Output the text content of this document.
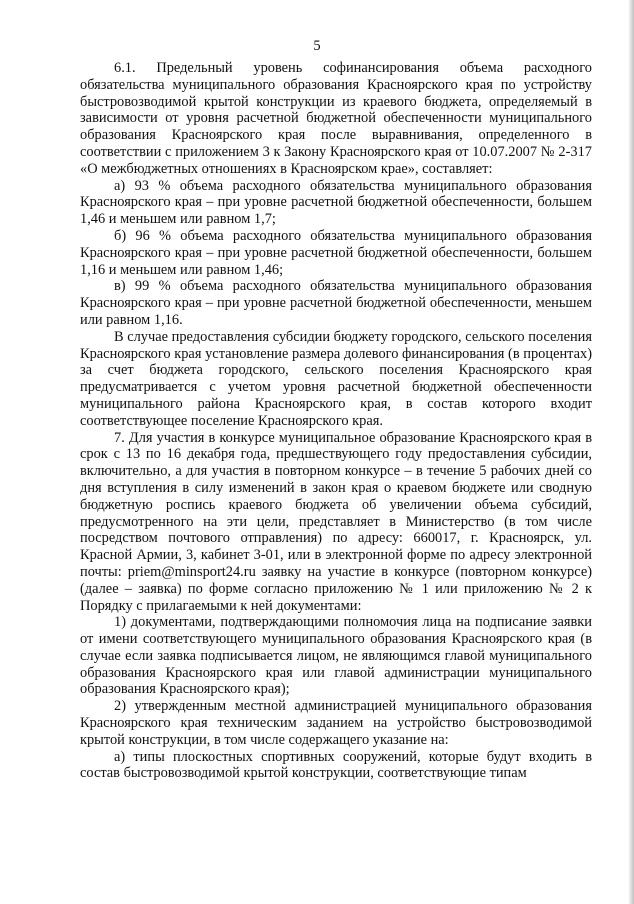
5

6.1. Предельный уровень софинансирования объема расходного обязательства муниципального образования Красноярского края по устройству быстровозводимой крытой конструкции из краевого бюджета, определяемый в зависимости от уровня расчетной бюджетной обеспеченности муниципального образования Красноярского края после выравнивания, определенного в соответствии с приложением 3 к Закону Красноярского края от 10.07.2007 № 2-317 «О межбюджетных отношениях в Красноярском крае», составляет:

а) 93 % объема расходного обязательства муниципального образования Красноярского края – при уровне расчетной бюджетной обеспеченности, большем 1,46 и меньшем или равном 1,7;

б) 96 % объема расходного обязательства муниципального образования Красноярского края – при уровне расчетной бюджетной обеспеченности, большем 1,16 и меньшем или равном 1,46;

в) 99 % объема расходного обязательства муниципального образования Красноярского края – при уровне расчетной бюджетной обеспеченности, меньшем или равном 1,16.

В случае предоставления субсидии бюджету городского, сельского поселения Красноярского края установление размера долевого финансирования (в процентах) за счет бюджета городского, сельского поселения Красноярского края предусматривается с учетом уровня расчетной бюджетной обеспеченности муниципального района Красноярского края, в состав которого входит соответствующее поселение Красноярского края.

7. Для участия в конкурсе муниципальное образование Красноярского края в срок с 13 по 16 декабря года, предшествующего году предоставления субсидии, включительно, а для участия в повторном конкурсе – в течение 5 рабочих дней со дня вступления в силу изменений в закон края о краевом бюджете или сводную бюджетную роспись краевого бюджета об увеличении объема субсидий, предусмотренного на эти цели, представляет в Министерство (в том числе посредством почтового отправления) по адресу: 660017, г. Красноярск, ул. Красной Армии, 3, кабинет 3-01, или в электронной форме по адресу электронной почты: priem@minsport24.ru заявку на участие в конкурсе (повторном конкурсе) (далее – заявка) по форме согласно приложению № 1 или приложению № 2 к Порядку с прилагаемыми к ней документами:

1) документами, подтверждающими полномочия лица на подписание заявки от имени соответствующего муниципального образования Красноярского края (в случае если заявка подписывается лицом, не являющимся главой муниципального образования Красноярского края или главой администрации муниципального образования Красноярского края);

2) утвержденным местной администрацией муниципального образования Красноярского края техническим заданием на устройство быстровозводимой крытой конструкции, в том числе содержащего указание на:

а) типы плоскостных спортивных сооружений, которые будут входить в состав быстровозводимой крытой конструкции, соответствующие типам
